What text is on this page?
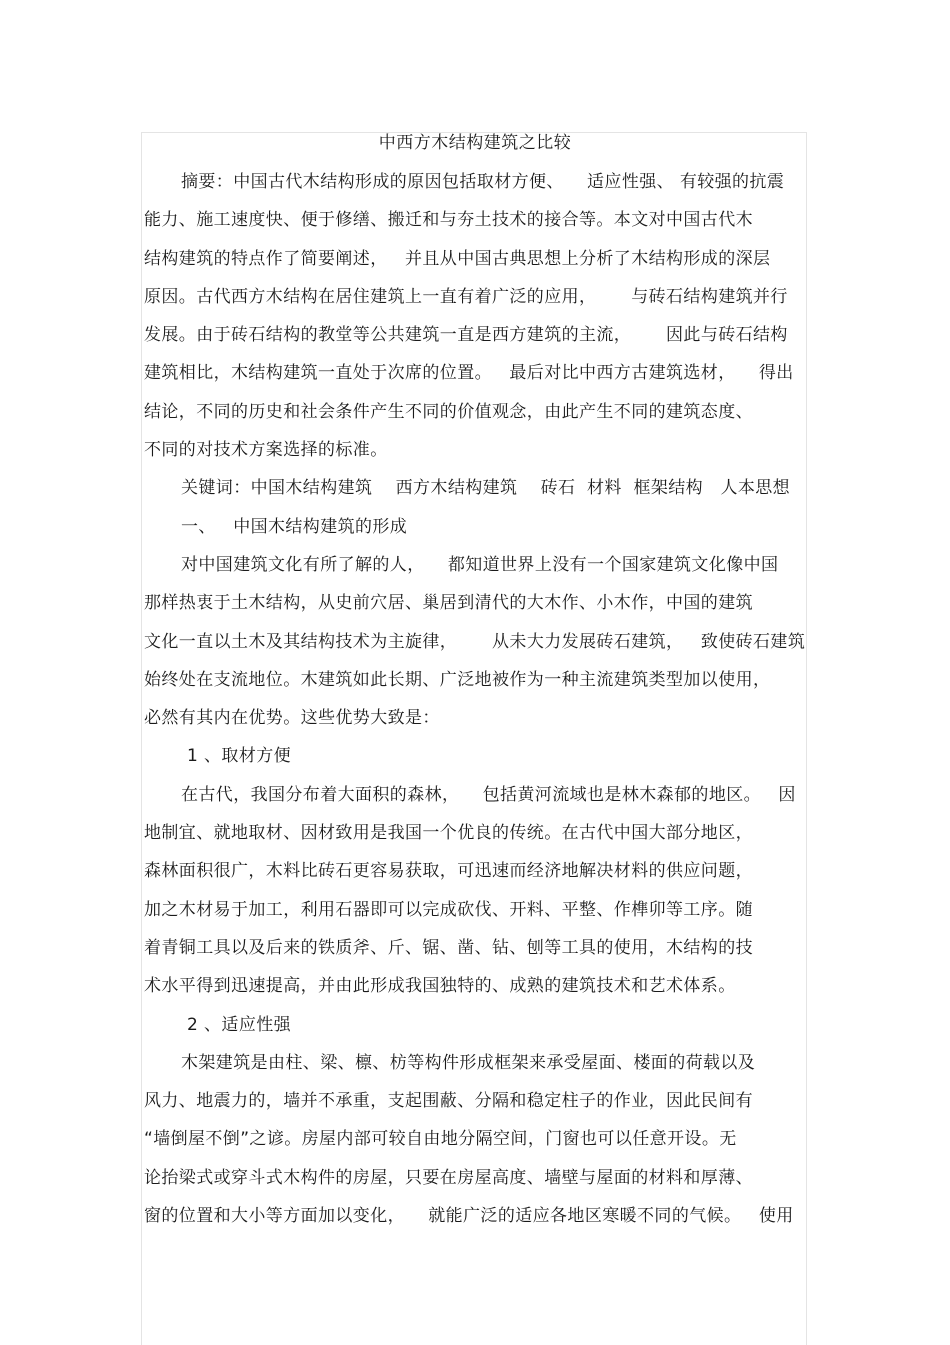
中西方木结构建筑之比较
摘要：中国古代木结构形成的原因包括取材方便、    适应性强、 有较强的抗震
能力、施工速度快、便于修缮、搬迁和与夯土技术的接合等。本文对中国古代木
结构建筑的特点作了简要阐述，   并且从中国古典思想上分析了木结构形成的深层
原因。古代西方木结构在居住建筑上一直有着广泛的应用，      与砖石结构建筑并行
发展。由于砖石结构的教堂等公共建筑一直是西方建筑的主流，      因此与砖石结构
建筑相比，木结构建筑一直处于次席的位置。   最后对比中西方古建筑选材，    得出
结论，不同的历史和社会条件产生不同的价值观念，由此产生不同的建筑态度、
不同的对技术方案选择的标准。
关键词：中国木结构建筑    西方木结构建筑    砖石  材料  框架结构   人本思想
一、   中国木结构建筑的形成
对中国建筑文化有所了解的人，    都知道世界上没有一个国家建筑文化像中国
那样热衷于土木结构，从史前穴居、巢居到清代的大木作、小木作，中国的建筑
文化一直以土木及其结构技术为主旋律，      从未大力发展砖石建筑，   致使砖石建筑
始终处在支流地位。木建筑如此长期、广泛地被作为一种主流建筑类型加以使用，
必然有其内在优势。这些优势大致是：
1 、取材方便
在古代，我国分布着大面积的森林，    包括黄河流域也是林木森郁的地区。   因
地制宜、就地取材、因材致用是我国一个优良的传统。在古代中国大部分地区，
森林面积很广，木料比砖石更容易获取，可迅速而经济地解决材料的供应问题，
加之木材易于加工，利用石器即可以完成砍伐、开料、平整、作榫卯等工序。随
着青铜工具以及后来的铁质斧、斤、锯、凿、钻、刨等工具的使用，木结构的技
术水平得到迅速提高，并由此形成我国独特的、成熟的建筑技术和艺术体系。
2 、适应性强
木架建筑是由柱、梁、檩、枋等构件形成框架来承受屋面、楼面的荷载以及
风力、地震力的，墙并不承重，支起围蔽、分隔和稳定柱子的作业，因此民间有
“墙倒屋不倒”之谚。房屋内部可较自由地分隔空间，门窗也可以任意开设。无
论抬梁式或穿斗式木构件的房屋，只要在房屋高度、墙壁与屋面的材料和厚薄、
窗的位置和大小等方面加以变化，    就能广泛的适应各地区寒暖不同的气候。   使用
